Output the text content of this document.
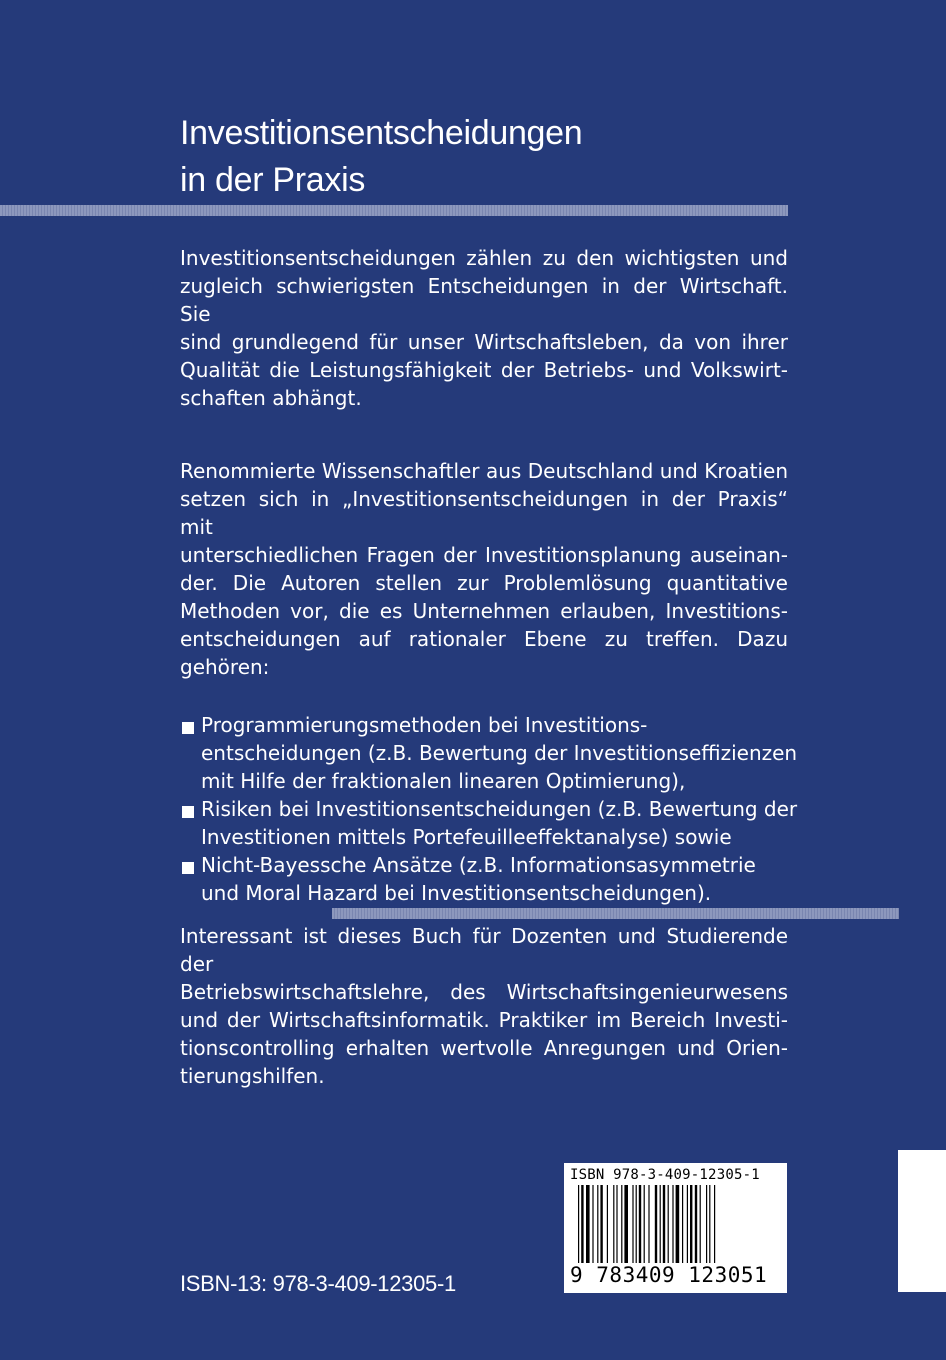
Investitionsentscheidungen
in der Praxis

Investitionsentscheidungen zählen zu den wichtigsten und
zugleich schwierigsten Entscheidungen in der Wirtschaft. Sie
sind grundlegend für unser Wirtschaftsleben, da von ihrer
Qualität die Leistungsfähigkeit der Betriebs- und Volkswirt-
schaften abhängt.

Renommierte Wissenschaftler aus Deutschland und Kroatien
setzen sich in „Investitionsentscheidungen in der Praxis“ mit
unterschiedlichen Fragen der Investitionsplanung auseinan-
der. Die Autoren stellen zur Problemlösung quantitative
Methoden vor, die es Unternehmen erlauben, Investitions-
entscheidungen auf rationaler Ebene zu treffen. Dazu
gehören:

Programmierungsmethoden bei Investitions-
entscheidungen (z.B. Bewertung der Investitionseffizienzen
mit Hilfe der fraktionalen linearen Optimierung),
Risiken bei Investitionsentscheidungen (z.B. Bewertung der
Investitionen mittels Portefeuilleeffektanalyse) sowie
Nicht-Bayessche Ansätze (z.B. Informationsasymmetrie
und Moral Hazard bei Investitionsentscheidungen).

Interessant ist dieses Buch für Dozenten und Studierende der
Betriebswirtschaftslehre, des Wirtschaftsingenieurwesens
und der Wirtschaftsinformatik. Praktiker im Bereich Investi-
tionscontrolling erhalten wertvolle Anregungen und Orien-
tierungshilfen.

ISBN 978-3-409-12305-1
9 783409 123051
ISBN-13: 978-3-409-12305-1
